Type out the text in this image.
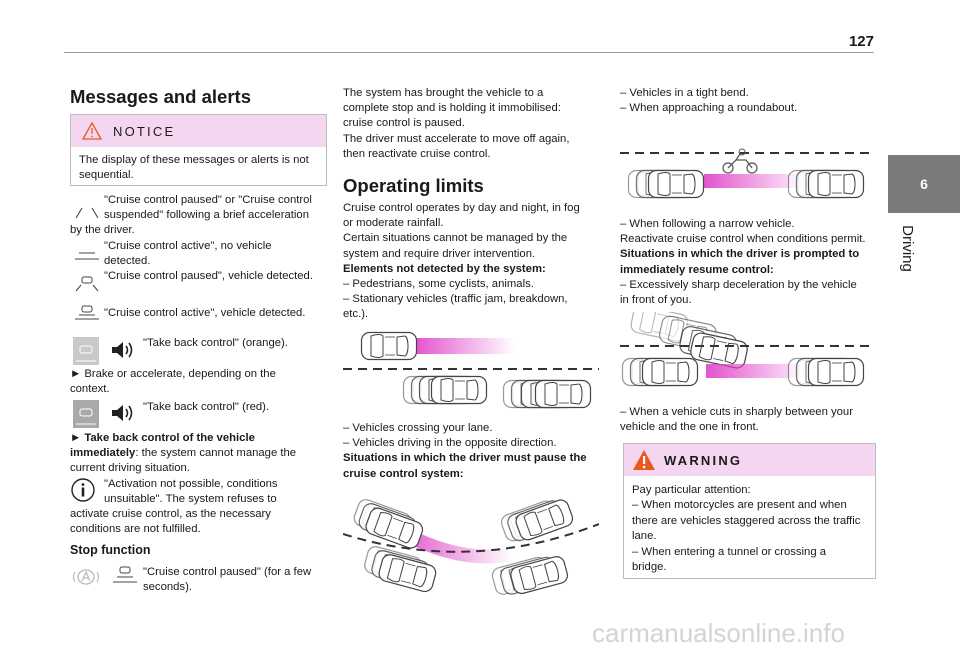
127
6
Driving
Messages and alerts
NOTICE
The display of these messages or alerts is not sequential.

"Cruise control paused" or "Cruise control

suspended" following a brief acceleration

by the driver.

"Cruise control active", no vehicle

detected.

"Cruise control paused", vehicle detected.

"Cruise control active", vehicle detected.

"Take back control" (orange).

► Brake or accelerate, depending on the

context.

"Take back control" (red).

► Take back control of the vehicle

immediately: the system cannot manage the

current driving situation.

"Activation not possible, conditions

unsuitable". The system refuses to

activate cruise control, as the necessary

conditions are not fulfilled.

Stop function

"Cruise control paused" (for a few

seconds).

The system has brought the vehicle to a

complete stop and is holding it immobilised:

cruise control is paused.

The driver must accelerate to move off again,

then reactivate cruise control.

Operating limits

Cruise control operates by day and night, in fog

or moderate rainfall.

Certain situations cannot be managed by the

system and require driver intervention.

Elements not detected by the system:

– Pedestrians, some cyclists, animals.

– Stationary vehicles (traffic jam, breakdown,

etc.).

– Vehicles crossing your lane.

– Vehicles driving in the opposite direction.

Situations in which the driver must pause the

cruise control system:

– Vehicles in a tight bend.

– When approaching a roundabout.

– When following a narrow vehicle.

Reactivate cruise control when conditions permit.

Situations in which the driver is prompted to

immediately resume control:

– Excessively sharp deceleration by the vehicle

in front of you.

– When a vehicle cuts in sharply between your

vehicle and the one in front.

WARNING

Pay particular attention:

– When motorcycles are present and when

there are vehicles staggered across the traffic

lane.

– When entering a tunnel or crossing a

bridge.

carmanualsonline.info
